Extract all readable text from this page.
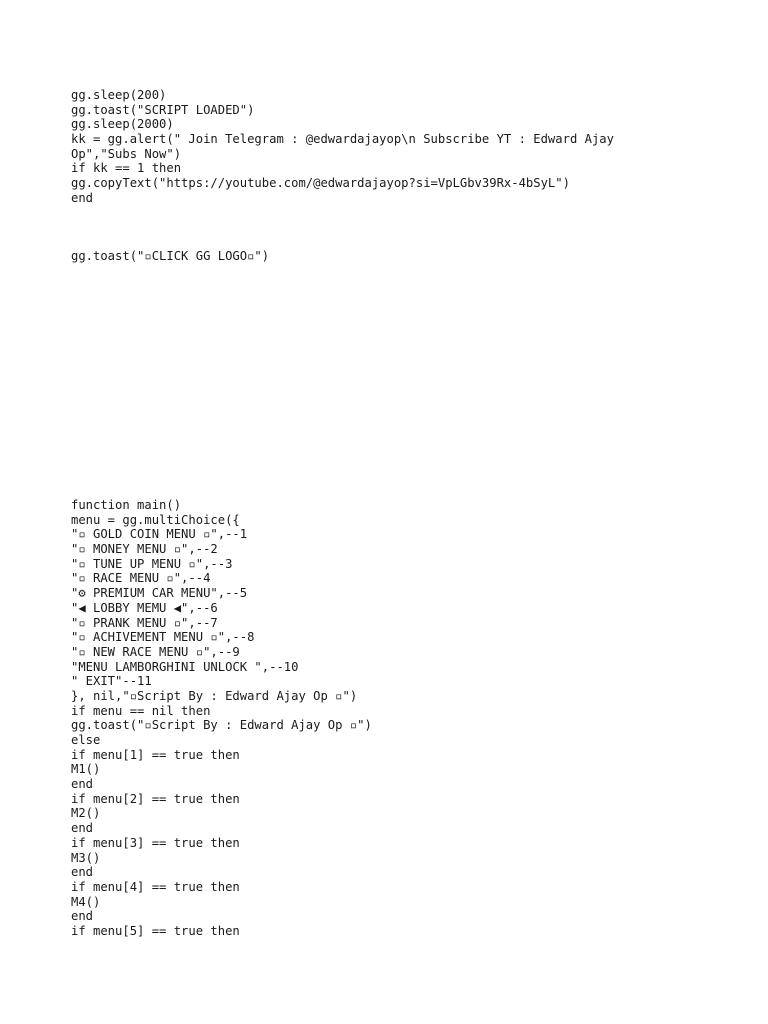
gg.sleep(200)
gg.toast("SCRIPT LOADED")
gg.sleep(2000)
kk = gg.alert(" Join Telegram : @edwardajayop\n Subscribe YT : Edward Ajay
Op","Subs Now")
if kk == 1 then
gg.copyText("https://youtube.com/@edwardajayop?si=VpLGbv39Rx-4bSyL")
end
gg.toast("▫CLICK GG LOGO▫")
function main()
menu = gg.multiChoice({
"▫ GOLD COIN MENU ▫",--1
"▫ MONEY MENU ▫",--2
"▫ TUNE UP MENU ▫",--3
"▫ RACE MENU ▫",--4
"⚙ PREMIUM CAR MENU",--5
"◀ LOBBY MEMU ◀",--6
"▫ PRANK MENU ▫",--7
"▫ ACHIVEMENT MENU ▫",--8
"▫ NEW RACE MENU ▫",--9
"MENU LAMBORGHINI UNLOCK ",--10
" EXIT"--11
}, nil,"▫Script By : Edward Ajay Op ▫")
if menu == nil then
gg.toast("▫Script By : Edward Ajay Op ▫")
else
if menu[1] == true then
M1()
end
if menu[2] == true then
M2()
end
if menu[3] == true then
M3()
end
if menu[4] == true then
M4()
end
if menu[5] == true then
